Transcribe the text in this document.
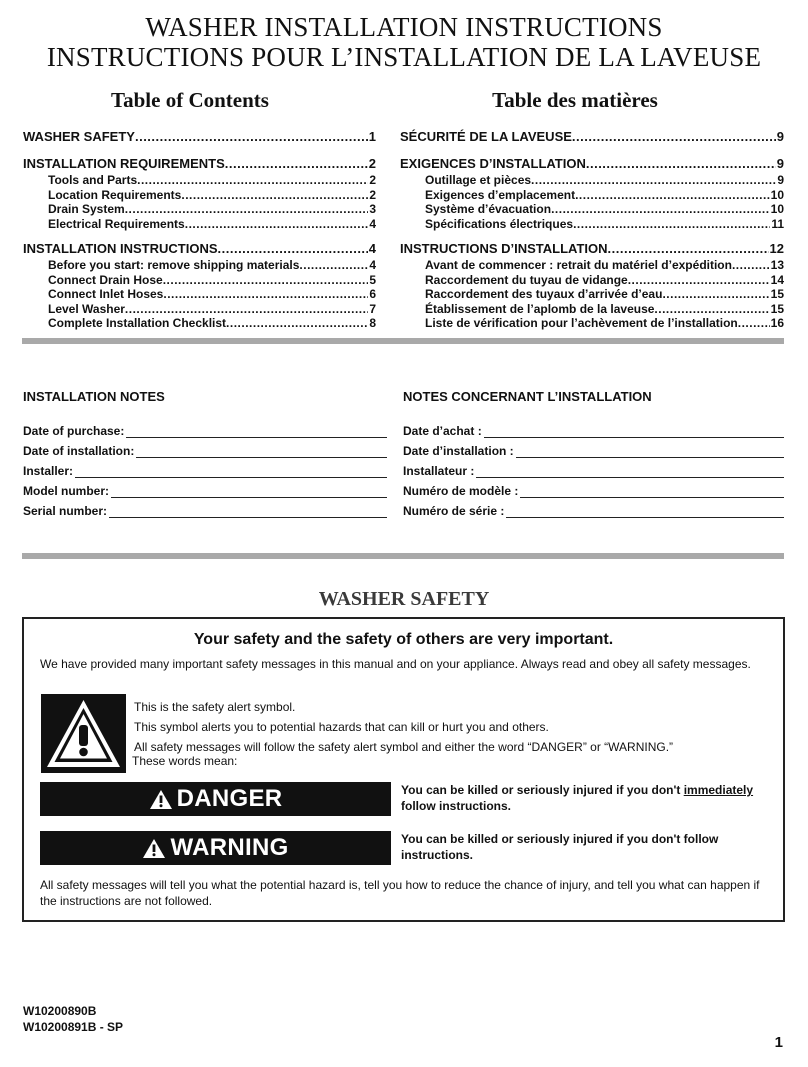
WASHER INSTALLATION INSTRUCTIONS
INSTRUCTIONS POUR L’INSTALLATION DE LA LAVEUSE
Table of Contents	Table des matières
WASHER SAFETY .....	1
INSTALLATION REQUIREMENTS .....	2
Tools and Parts .....	2
Location Requirements .....	2
Drain System .....	3
Electrical Requirements .....	4
INSTALLATION INSTRUCTIONS .....	4
Before you start: remove shipping materials .....	4
Connect Drain Hose .....	5
Connect Inlet Hoses .....	6
Level Washer .....	7
Complete Installation Checklist .....	8
SÉCURITÉ DE LA LAVEUSE .....	9
EXIGENCES D’INSTALLATION .....	9
Outillage et pièces .....	9
Exigences d’emplacement .....	10
Système d’évacuation .....	10
Spécifications électriques .....	11
INSTRUCTIONS D’INSTALLATION .....	12
Avant de commencer : retrait du matériel d’expédition .....	13
Raccordement du tuyau de vidange .....	14
Raccordement des tuyaux d’arrivée d’eau .....	15
Établissement de l’aplomb de la laveuse .....	15
Liste de vérification pour l’achèvement de l’installation .....	16
INSTALLATION NOTES
Date of purchase:
Date of installation:
Installer:
Model number:
Serial number:
NOTES CONCERNANT L’INSTALLATION
Date d’achat :
Date d’installation :
Installateur :
Numéro de modèle :
Numéro de série :
WASHER SAFETY
Your safety and the safety of others are very important.
We have provided many important safety messages in this manual and on your appliance. Always read and obey all safety messages.
This is the safety alert symbol.
This symbol alerts you to potential hazards that can kill or hurt you and others.
All safety messages will follow the safety alert symbol and either the word “DANGER” or “WARNING.”
These words mean:
DANGER	You can be killed or seriously injured if you don't immediately
follow instructions.
WARNING	You can be killed or seriously injured if you don't follow instructions.
All safety messages will tell you what the potential hazard is, tell you how to reduce the chance of injury, and tell you what can happen if the instructions are not followed.
W10200890B
W10200891B - SP
1
